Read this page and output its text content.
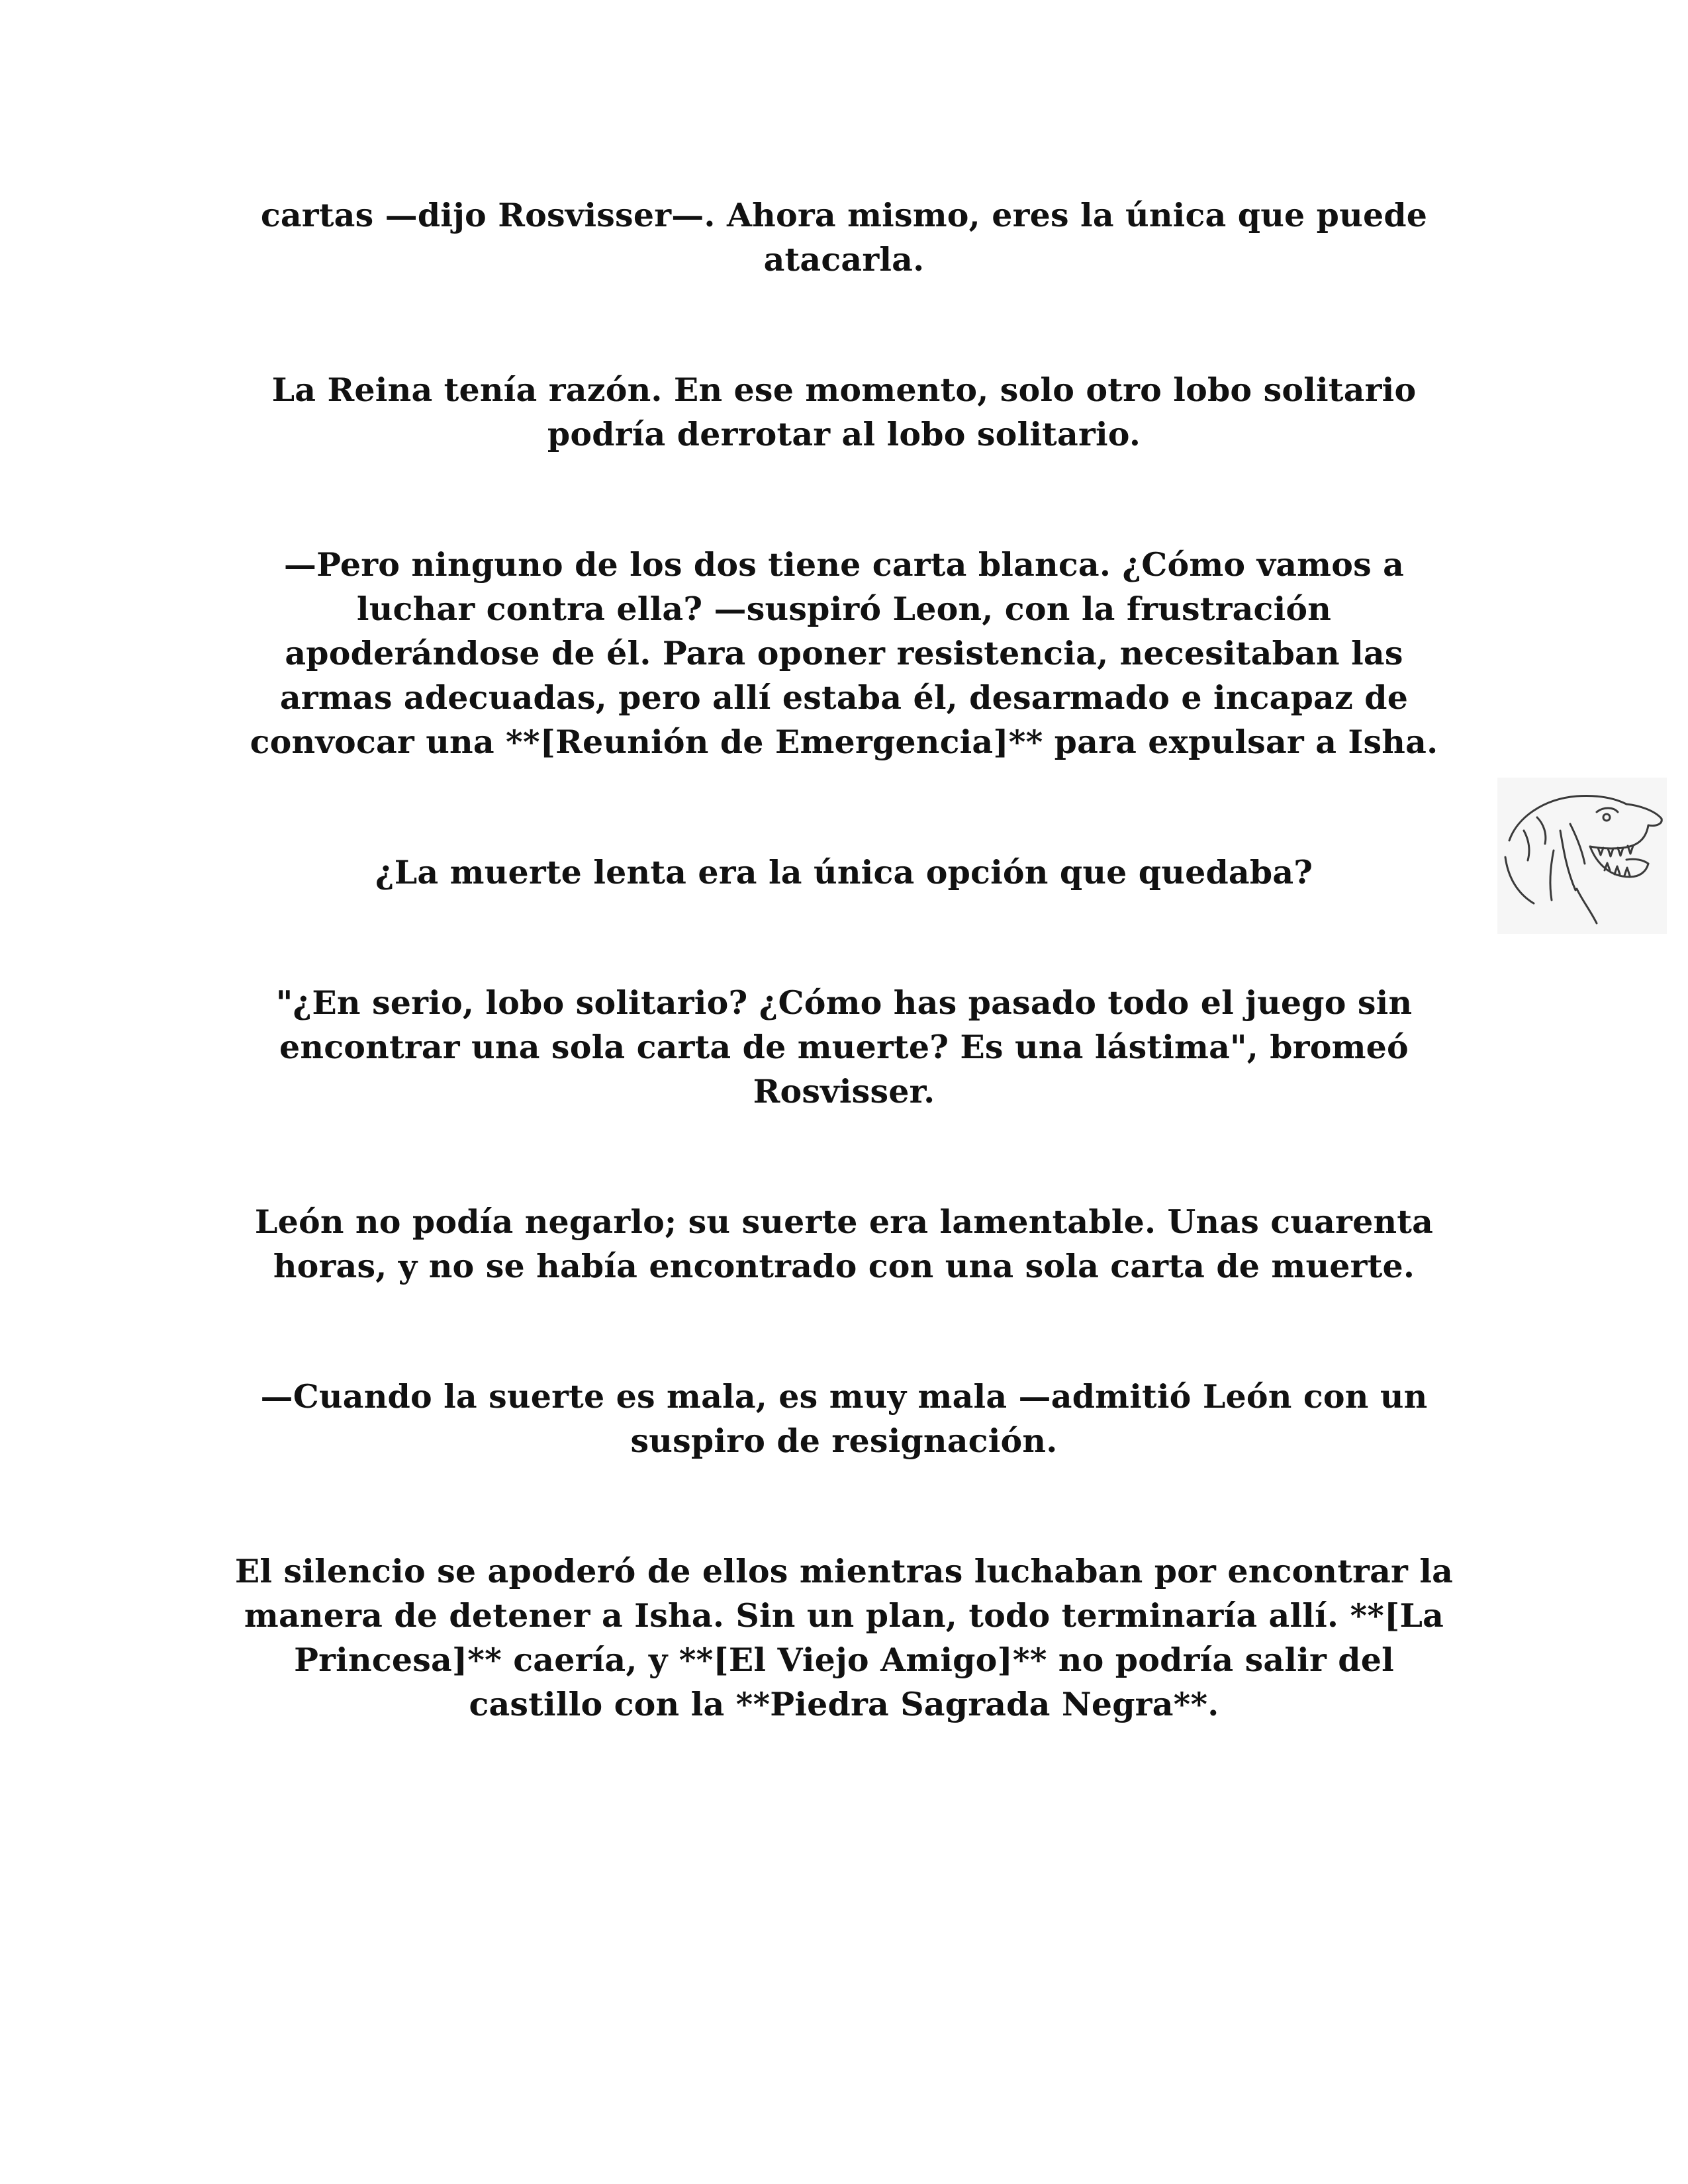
cartas —dijo Rosvisser—. Ahora mismo, eres la única que puede atacarla.

La Reina tenía razón. En ese momento, solo otro lobo solitario podría derrotar al lobo solitario.

—Pero ninguno de los dos tiene carta blanca. ¿Cómo vamos a luchar contra ella? —suspiró Leon, con la frustración apoderándose de él. Para oponer resistencia, necesitaban las armas adecuadas, pero allí estaba él, desarmado e incapaz de convocar una **[Reunión de Emergencia]** para expulsar a Isha.

¿La muerte lenta era la única opción que quedaba?

"¿En serio, lobo solitario? ¿Cómo has pasado todo el juego sin encontrar una sola carta de muerte? Es una lástima", bromeó Rosvisser.

León no podía negarlo; su suerte era lamentable. Unas cuarenta horas, y no se había encontrado con una sola carta de muerte.

—Cuando la suerte es mala, es muy mala —admitió León con un suspiro de resignación.

El silencio se apoderó de ellos mientras luchaban por encontrar la manera de detener a Isha. Sin un plan, todo terminaría allí. **[La Princesa]** caería, y **[El Viejo Amigo]** no podría salir del castillo con la **Piedra Sagrada Negra**.
